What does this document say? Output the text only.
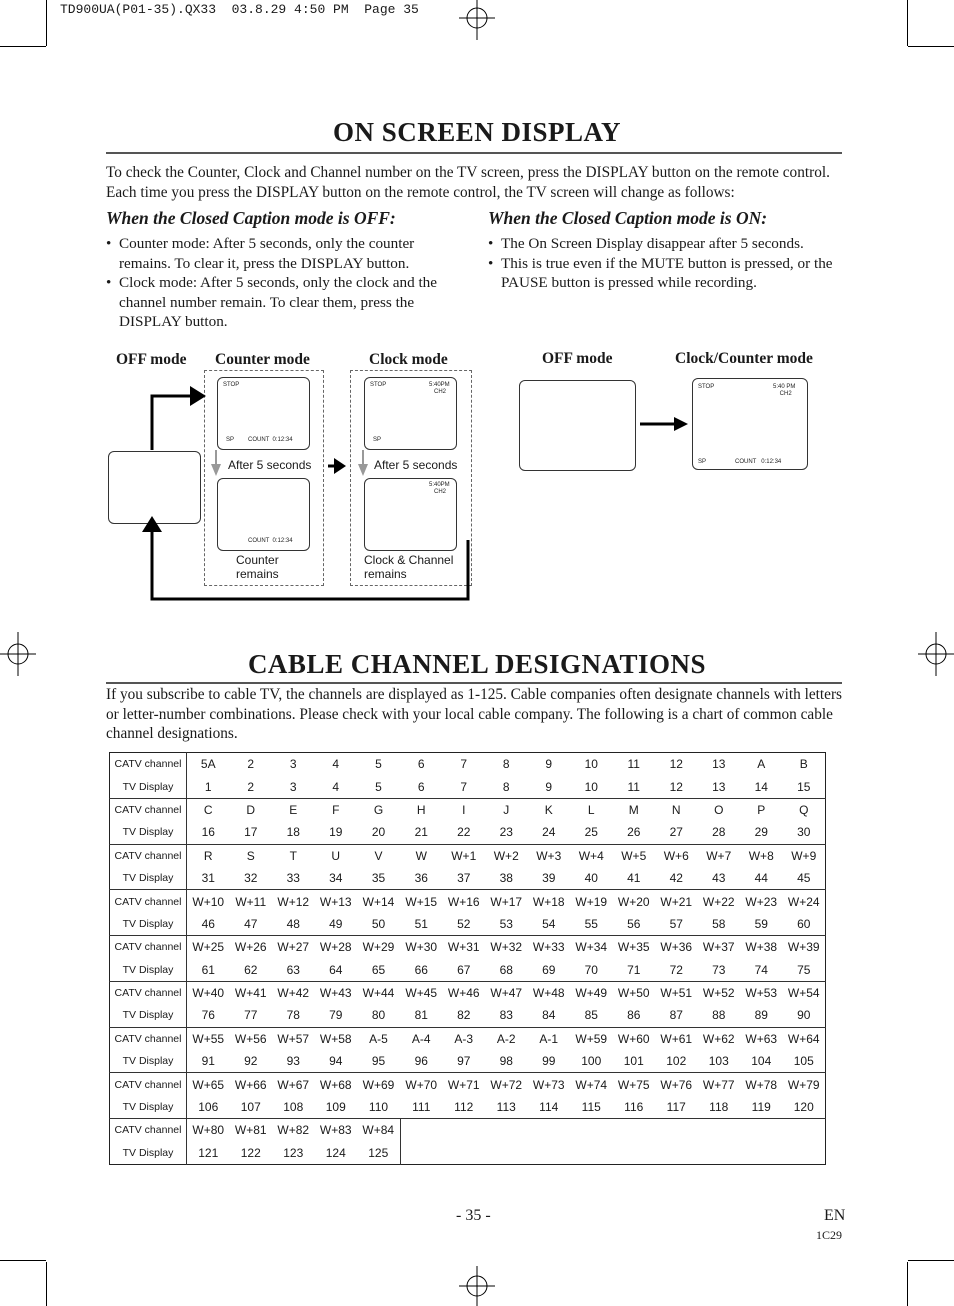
TD900UA(P01-35).QX33  03.8.29 4:50 PM  Page 35
ON SCREEN DISPLAY
To check the Counter, Clock and Channel number on the TV screen, press the DISPLAY button on the remote control. Each time you press the DISPLAY button on the remote control, the TV screen will change as follows:
When the Closed Caption mode is OFF:
• Counter mode: After 5 seconds, only the counter remains. To clear it, press the DISPLAY button.
• Clock mode: After 5 seconds, only the clock and the channel number remain. To clear them, press the DISPLAY button.
When the Closed Caption mode is ON:
• The On Screen Display disappear after 5 seconds.
• This is true even if the MUTE button is pressed, or the PAUSE button is pressed while recording.
OFF mode Counter mode	Clock mode
STOP
SP COUNT  0:12:34
COUNT  0:12:34
STOP	5:40PM
CH2
SP
5:40PM
CH2
After 5 seconds	After 5 seconds
Counter
remains
Clock & Channel
remains
OFF mode	Clock/Counter mode
STOP	5:40 PM
CH2
SP	COUNT   0:12:34
CABLE CHANNEL DESIGNATIONS
If you subscribe to cable TV, the channels are displayed as 1-125. Cable companies often designate channels with letters or letter-number combinations. Please check with your local cable company. The following is a chart of common cable channel designations.
CATV channel	5A	2	3	4	5	6	7	8	9	10	11	12	13	A	B
TV Display	1	2	3	4	5	6	7	8	9	10	11	12	13	14	15
CATV channel	C	D	E	F	G	H	I	J	K	L	M	N	O	P	Q
TV Display	16	17	18	19	20	21	22	23	24	25	26	27	28	29	30
CATV channel	R	S	T	U	V	W	W+1	W+2	W+3	W+4	W+5	W+6	W+7	W+8	W+9
TV Display	31	32	33	34	35	36	37	38	39	40	41	42	43	44	45
CATV channel	W+10	W+11	W+12	W+13	W+14	W+15	W+16	W+17	W+18	W+19	W+20	W+21	W+22	W+23	W+24
TV Display	46	47	48	49	50	51	52	53	54	55	56	57	58	59	60
CATV channel	W+25	W+26	W+27	W+28	W+29	W+30	W+31	W+32	W+33	W+34	W+35	W+36	W+37	W+38	W+39
TV Display	61	62	63	64	65	66	67	68	69	70	71	72	73	74	75
CATV channel	W+40	W+41	W+42	W+43	W+44	W+45	W+46	W+47	W+48	W+49	W+50	W+51	W+52	W+53	W+54
TV Display	76	77	78	79	80	81	82	83	84	85	86	87	88	89	90
CATV channel	W+55	W+56	W+57	W+58	A-5	A-4	A-3	A-2	A-1	W+59	W+60	W+61	W+62	W+63	W+64
TV Display	91	92	93	94	95	96	97	98	99	100	101	102	103	104	105
CATV channel	W+65	W+66	W+67	W+68	W+69	W+70	W+71	W+72	W+73	W+74	W+75	W+76	W+77	W+78	W+79
TV Display	106	107	108	109	110	111	112	113	114	115	116	117	118	119	120
CATV channel	W+80	W+81	W+82	W+83	W+84										
TV Display	121	122	123	124	125										
- 35 -	EN
1C29
